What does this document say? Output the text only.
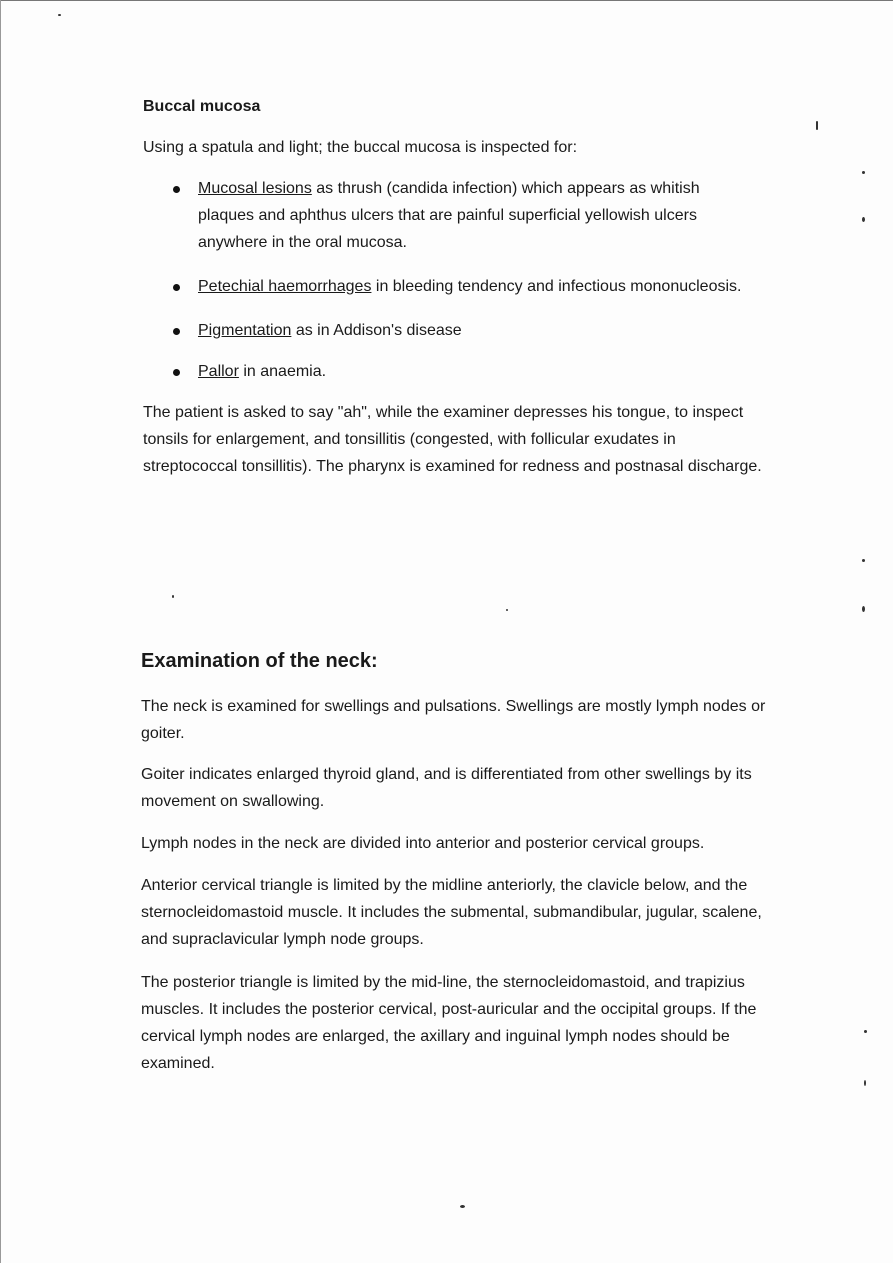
Buccal mucosa

Using a spatula and light; the buccal mucosa is inspected for:

Mucosal lesions as thrush (candida infection) which appears as whitish plaques and aphthus ulcers that are painful superficial yellowish ulcers anywhere in the oral mucosa.
Petechial haemorrhages in bleeding tendency and infectious mononucleosis.
Pigmentation as in Addison's disease
Pallor in anaemia.

The patient is asked to say "ah", while the examiner depresses his tongue, to inspect tonsils for enlargement, and tonsillitis (congested, with follicular exudates in streptococcal tonsillitis). The pharynx is examined for redness and postnasal discharge.

Examination of the neck:

The neck is examined for swellings and pulsations. Swellings are mostly lymph nodes or goiter.

Goiter indicates enlarged thyroid gland, and is differentiated from other swellings by its movement on swallowing.

Lymph nodes in the neck are divided into anterior and posterior cervical groups.

Anterior cervical triangle is limited by the midline anteriorly, the clavicle below, and the sternocleidomastoid muscle. It includes the submental, submandibular, jugular, scalene, and supraclavicular lymph node groups.

The posterior triangle is limited by the mid-line, the sternocleidomastoid, and trapizius muscles. It includes the posterior cervical, post-auricular and the occipital groups. If the cervical lymph nodes are enlarged, the axillary and inguinal lymph nodes should be examined.
